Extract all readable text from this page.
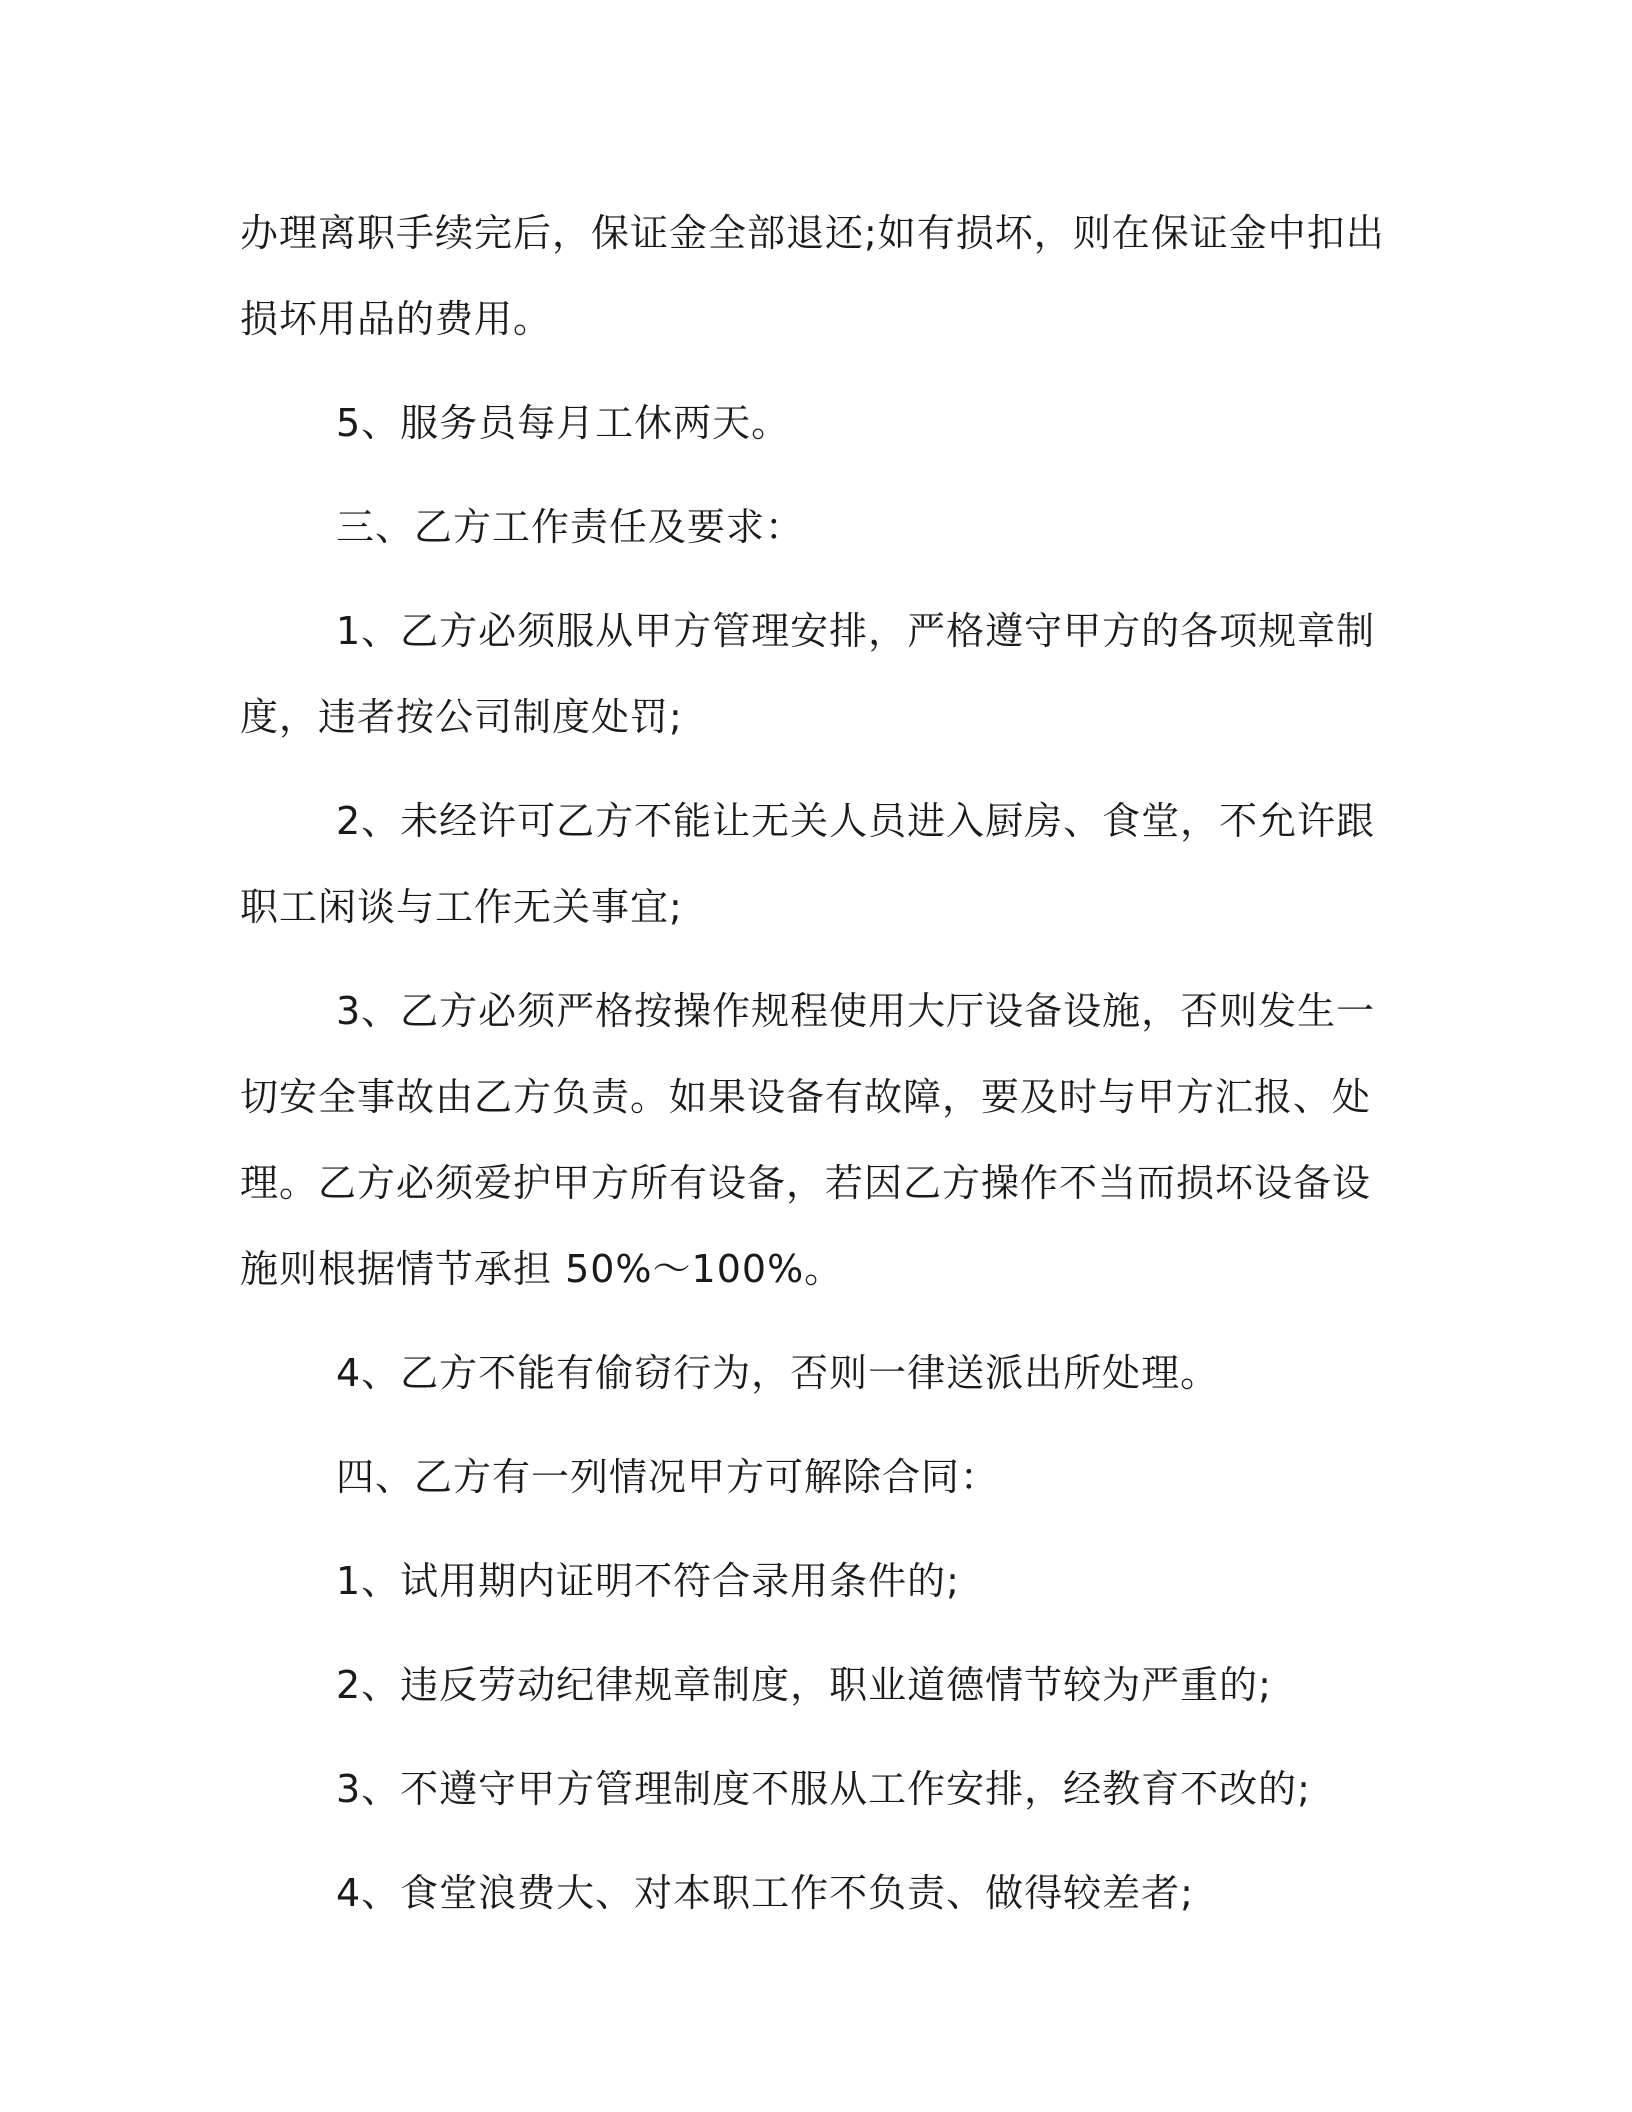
办理离职手续完后，保证金全部退还;如有损坏，则在保证金中扣出损坏用品的费用。

5、服务员每月工休两天。

三、乙方工作责任及要求：

1、乙方必须服从甲方管理安排，严格遵守甲方的各项规章制度，违者按公司制度处罚;

2、未经许可乙方不能让无关人员进入厨房、食堂，不允许跟职工闲谈与工作无关事宜;

3、乙方必须严格按操作规程使用大厅设备设施，否则发生一切安全事故由乙方负责。如果设备有故障，要及时与甲方汇报、处理。乙方必须爱护甲方所有设备，若因乙方操作不当而损坏设备设施则根据情节承担 50%～100%。

4、乙方不能有偷窃行为，否则一律送派出所处理。

四、乙方有一列情况甲方可解除合同：

1、试用期内证明不符合录用条件的;

2、违反劳动纪律规章制度，职业道德情节较为严重的;

3、不遵守甲方管理制度不服从工作安排，经教育不改的;

4、食堂浪费大、对本职工作不负责、做得较差者;
